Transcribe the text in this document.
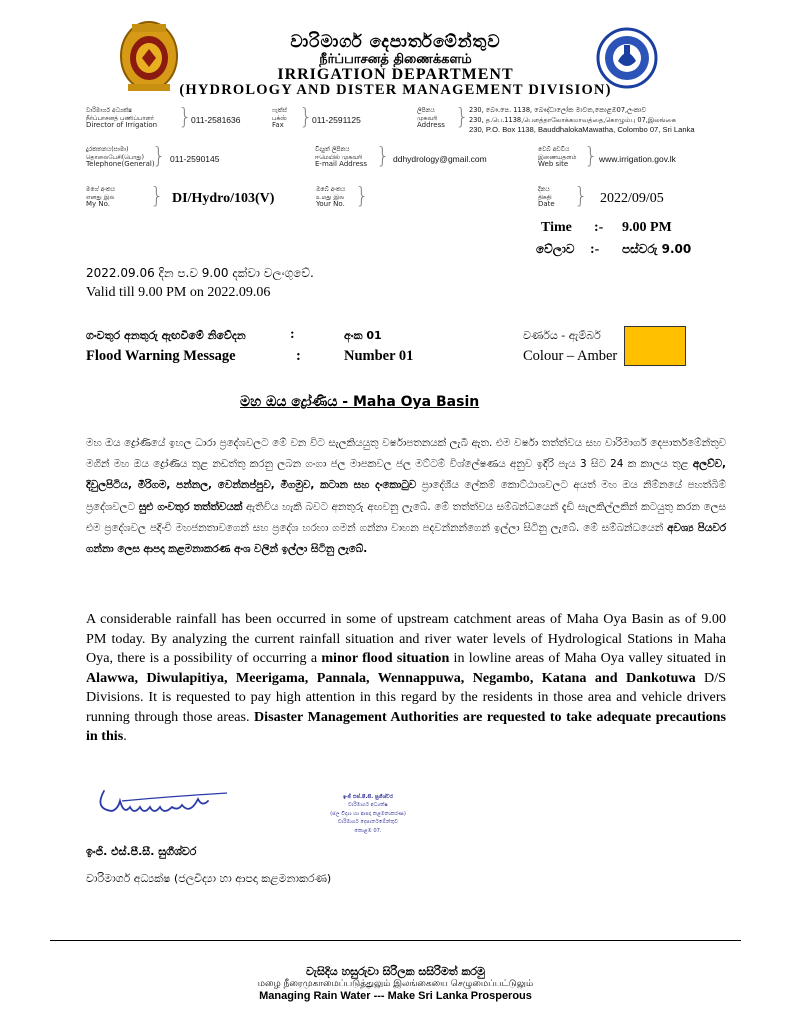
වාරිමාර්ග දෙපාර්තමේන්තුව
நீர்ப்பாசனத் திணைக்களம்
IRRIGATION DEPARTMENT
(HYDROLOGY AND DISTER MANAGEMENT DIVISION)
වාරිමාර්ග අධ්‍යක්ෂ
நீர்ப்பாசனத் பணிப்பாளர்
Director of Irrigation } 011-2581636
ෆැක්ස්
பக்ஸ்
Fax } 011-2591125
ලිපිනය
முகவரி
Address } 230, බෞ.පෙ. 1138, බෞද්ධාලෝක මාවත,කොළඹ07,ලංකාව
230, த.பெ.1138,பௌத்தாலோக்கமாவத்தை,கொழும்பு 07,இலங்கை
230, P.O. Box 1138, BauddhalokaMawatha, Colombo 07, Sri Lanka
දුරකතනය(සාමා)
தொலைபேசி(பொது)
Telephone(General)
} 011-2590145
විද්‍යුත් ලිපිනය
ஈமெயில் முகவரி
E-mail Address } ddhydrology@gmail.com
වෙබ් අඩවිය
இணையதளம்
Web site } www.irrigation.gov.lk
මගේ අංකය
எனது இல
My No.	} DI/Hydro/103(V)
ඔබේ අංකය
உமது இல
Your No. }	දිනය
திகதி
Date } 2022/09/05
Time :- 9.00 PM
වේලාව :- පස්වරු 9.00
2022.09.06 දින ප.ව 9.00 දක්වා වලංගුවේ.
Valid till 9.00 PM on 2022.09.06
ගංවතුර අනතුරු ඇඟවීමේ නිවේදන	:	අංක 01	වර්ණය - ඇම්බර්
Flood Warning Message	:	Number 01	Colour – Amber
මහ ඔය ද්‍රෝණිය - Maha Oya Basin
මහ ඔය ද්‍රෝණියේ ඉහල ධාරා ප්‍රදේශවලට මේ වන විට සැලකියයුතු වර්ෂාපතනයක් ලැබී ඇත. එම වර්ෂා තත්ත්වය සහ වාරිමාර්ග දෙපාර්තමේන්තුව මගින් මහ ඔය ද්‍රෝණිය තුළ නඩත්තු කරනු ලබන ගංගා ජල මාපකවල ජල මට්ටම් විශ්ලේෂණය අනුව ඉදිරි පැය 3 සිට 24 ක කාලය තුළ අලව්ව, දිවුලපිටිය, මීරිගම, පන්නල, වෙන්නප්පුව, මීගමුව, කටාන සහ දංකොටුව ප්‍රාදේශීය ලේකම් කොට්ඨාශවලට අයත් මහ ඔය නිම්නයේ පහත්බිම් ප්‍රදේශවලට සුළු ගංවතුර තත්ත්වයක් ඇතිවිය හැකි බවට අනතුරු අඟවනු ලැබේ. මේ තත්ත්වය සම්බන්ධයෙන් දැඩි සැලකිල්ලකින් කටයුතු කරන ලෙස එම ප්‍රදේශවල පදිංචි මහජනතාවගෙන් සහ ප්‍රදේශ හරහා ගමන් ගන්නා වාහන පදවන්නන්ගෙන් ඉල්ලා සිටිනු ලැබේ. මේ සම්බන්ධයෙන් අවශ්‍ය පියවර ගන්නා ලෙස ආපදා කළමනාකරණ අංශ වලින් ඉල්ලා සිටිනු ලැබේ.
A considerable rainfall has been occurred in some of upstream catchment areas of Maha Oya Basin as of 9.00 PM today. By analyzing the current rainfall situation and river water levels of Hydrological Stations in Maha Oya, there is a possibility of occurring a minor flood situation in lowline areas of Maha Oya valley situated in Alawwa, Diwulapitiya, Meerigama, Pannala, Wennappuwa, Negambo, Katana and Dankotuwa D/S Divisions. It is requested to pay high attention in this regard by the residents in those area and vehicle drivers running through those areas. Disaster Management Authorities are requested to take adequate precautions in this.
ඉංජි එස්.පී.සී. සුගීශ්වර
වාරිමාර්ග අධ්‍යක්ෂ
(ජල විද්‍යා හා ආපදා කළමනාකරණ)
වාරිමාර්ග දෙපාර්තමේන්තුව
කොළඹ 07.
ඉංජි. එස්.පී.සී. සුගීශ්වර
වාරිමාර්ග අධ්‍යක්ෂ (ජලවිද්‍යා හා ආපදා කළමනාකරණ)
වැසිදිය හසුරුවා සිරිලක සසිරිමත් කරමු
மழை நீரைமுகாமைப்படுத்துலும் இலங்கையை செழுமைப்பட்டுலும்
Managing Rain Water --- Make Sri Lanka Prosperous
